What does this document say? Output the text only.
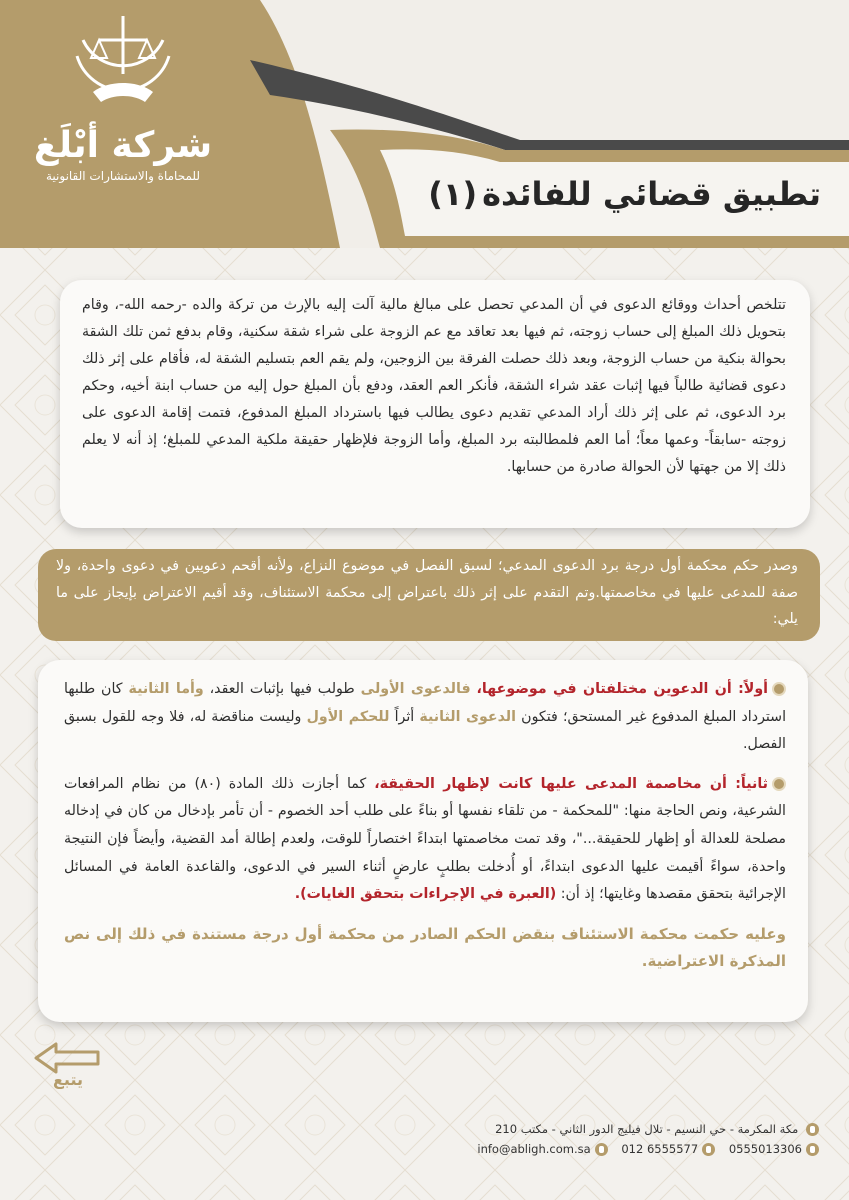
شركة أبْلَغ
للمحاماة والاستشارات القانونية	تطبيق قضائي للفائدة (١)

تتلخص أحداث ووقائع الدعوى في أن المدعي تحصل على مبالغ مالية آلت إليه بالإرث من تركة والده -رحمه الله-، وقام بتحويل ذلك المبلغ إلى حساب زوجته، ثم فيها بعد تعاقد مع عم الزوجة على شراء شقة سكنية، وقام بدفع ثمن تلك الشقة بحوالة بنكية من حساب الزوجة، وبعد ذلك حصلت الفرقة بين الزوجين، ولم يقم العم بتسليم الشقة له، فأقام على إثر ذلك دعوى قضائية طالباً فيها إثبات عقد شراء الشقة، فأنكر العم العقد، ودفع بأن المبلغ حول إليه من حساب ابنة أخيه، وحكم برد الدعوى، ثم على إثر ذلك أراد المدعي تقديم دعوى يطالب فيها باسترداد المبلغ المدفوع، فتمت إقامة الدعوى على زوجته -سابقاً- وعمها معاً؛ أما العم فلمطالبته برد المبلغ، وأما الزوجة فلإظهار حقيقة ملكية المدعي للمبلغ؛ إذ أنه لا يعلم ذلك إلا من جهتها لأن الحوالة صادرة من حسابها.

وصدر حكم محكمة أول درجة برد الدعوى المدعي؛ لسبق الفصل في موضوع النزاع، ولأنه أقحم دعويين في دعوى واحدة، ولا صفة للمدعى عليها في مخاصمتها.وتم التقدم على إثر ذلك باعتراض إلى محكمة الاستئناف، وقد أقيم الاعتراض بإيجاز على ما يلي:

أولاً: أن الدعوين مختلفتان في موضوعها، فالدعوى الأولى طولب فيها بإثبات العقد، وأما الثانية كان طلبها استرداد المبلغ المدفوع غير المستحق؛ فتكون الدعوى الثانية أثراً للحكم الأول وليست مناقضة له، فلا وجه للقول بسبق الفصل.

ثانياً: أن مخاصمة المدعى عليها كانت لإظهار الحقيقة، كما أجازت ذلك المادة (٨٠) من نظام المرافعات الشرعية، ونص الحاجة منها: "للمحكمة - من تلقاء نفسها أو بناءً على طلب أحد الخصوم - أن تأمر بإدخال من كان في إدخاله مصلحة للعدالة أو إظهار للحقيقة..."، وقد تمت مخاصمتها ابتداءً اختصاراً للوقت، ولعدم إطالة أمد القضية، وأيضاً فإن النتيجة واحدة، سواءً أقيمت عليها الدعوى ابتداءً، أو أُدخلت بطلبٍ عارضٍ أثناء السير في الدعوى، والقاعدة العامة في المسائل الإجرائية بتحقق مقصدها وغايتها؛ إذ أن: (العبرة في الإجراءات بتحقق الغايات).

وعليه حكمت محكمة الاستئناف بنقض الحكم الصادر من محكمة أول درجة مستندة في ذلك إلى نص المذكرة الاعتراضية.

يتبع
مكة المكرمة - حي النسيم - تلال فيليج الدور الثاني - مكتب 210
0555013306 012 6555577 info@abligh.com.sa
